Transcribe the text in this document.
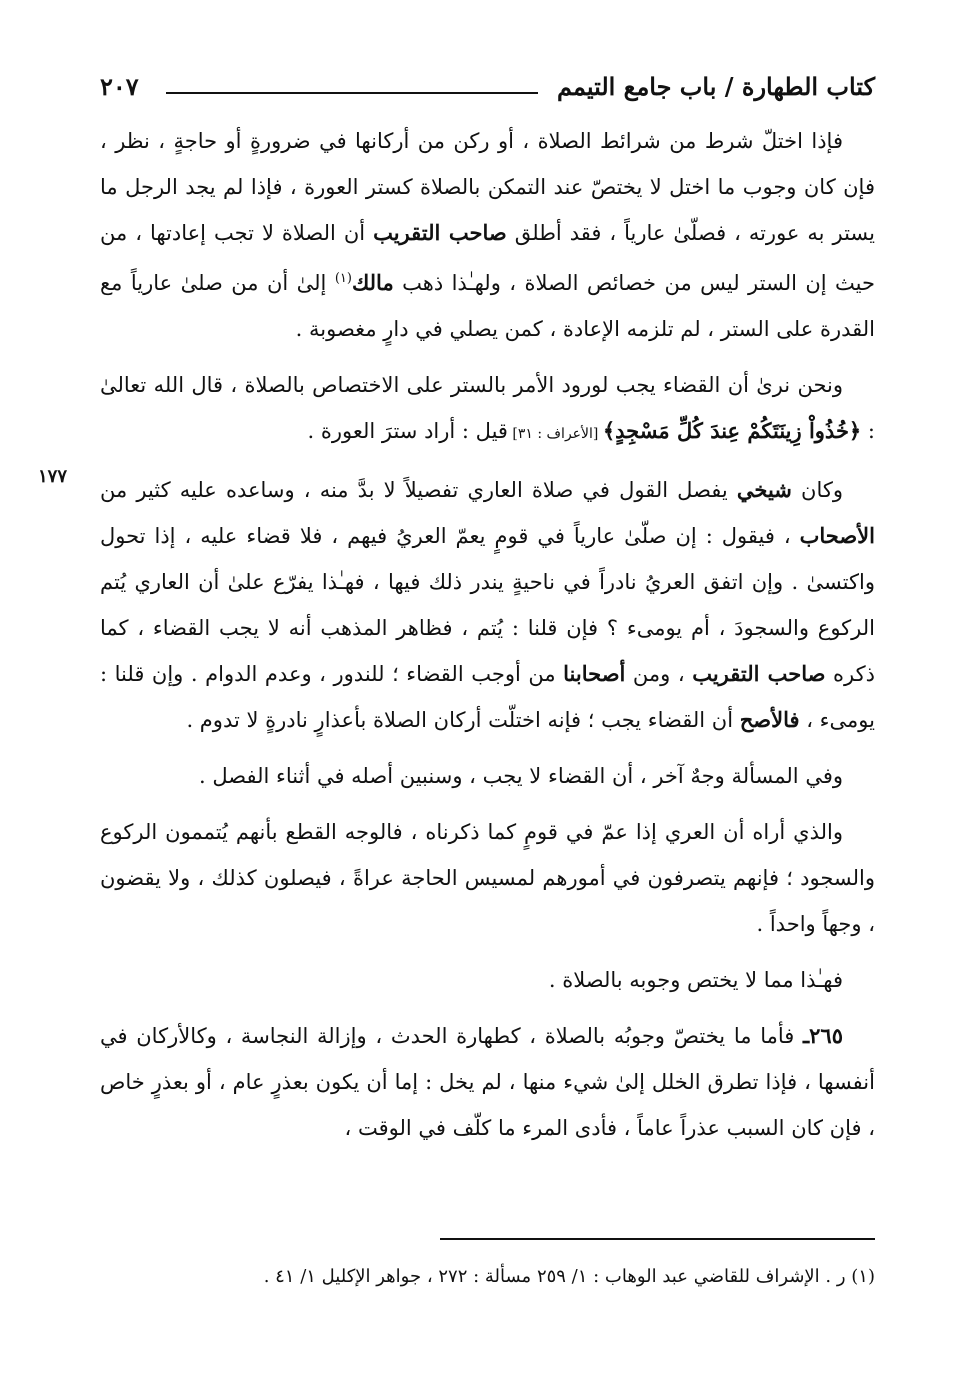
كتاب الطهارة / باب جامع التيمم
٢٠٧
١٧٧

فإذا اختلّ شرط من شرائط الصلاة ، أو ركن من أركانها في ضرورةٍ أو حاجةٍ ، نظر ، فإن كان وجوب ما اختل لا يختصّ عند التمكن بالصلاة كستر العورة ، فإذا لم يجد الرجل ما يستر به عورته ، فصلّىٰ عارياً ، فقد أطلق صاحب التقريب أن الصلاة لا تجب إعادتها ، من حيث إن الستر ليس من خصائص الصلاة ، ولهـٰذا ذهب مالك$^{(١)}$ إلىٰ أن من صلىٰ عارياً مع القدرة على الستر ، لم تلزمه الإعادة ، كمن يصلي في دارٍ مغصوبة .

ونحن نرىٰ أن القضاء يجب لورود الأمر بالستر على الاختصاص بالصلاة ، قال الله تعالىٰ : ﴿خُذُواْ زِينَتَكُمْ عِندَ كُلِّ مَسْجِدٍ﴾ [الأعراف : ٣١] قيل : أراد سترَ العورة .

وكان شيخي يفصل القول في صلاة العاري تفصيلاً لا بدَّ منه ، وساعده عليه كثير من الأصحاب ، فيقول : إن صلّىٰ عارياً في قومٍ يعمّ العريُ فيهم ، فلا قضاء عليه ، إذا تحول واكتسىٰ . وإن اتفق العريُ نادراً في ناحيةٍ يندر ذلك فيها ، فهـٰذا يفرّع علىٰ أن العاري يُتم الركوع والسجودَ ، أم يومىء ؟ فإن قلنا : يُتم ، فظاهر المذهب أنه لا يجب القضاء ، كما ذكره صاحب التقريب ، ومن أصحابنا من أوجب القضاء ؛ للندور ، وعدم الدوام . وإن قلنا : يومىء ، فالأصح أن القضاء يجب ؛ فإنه اختلّت أركان الصلاة بأعذارٍ نادرةٍ لا تدوم .

وفي المسألة وجهٌ آخر ، أن القضاء لا يجب ، وسنبين أصله في أثناء الفصل .

والذي أراه أن العري إذا عمّ في قومٍ كما ذكرناه ، فالوجه القطع بأنهم يُتممون الركوع والسجود ؛ فإنهم يتصرفون في أمورهم لمسيس الحاجة عراةً ، فيصلون كذلك ، ولا يقضون ، وجهاً واحداً .

فهـٰذا مما لا يختص وجوبه بالصلاة .

٢٦٥ـ فأما ما يختصّ وجوبُه بالصلاة ، كطهارة الحدث ، وإزالة النجاسة ، وكالأركان في أنفسها ، فإذا تطرق الخلل إلىٰ شيء منها ، لم يخل : إما أن يكون بعذرٍ عام ، أو بعذرٍ خاص ، فإن كان السبب عذراً عاماً ، فأدى المرء ما كلّف في الوقت ،

(١) ر . الإشراف للقاضي عبد الوهاب : ١/ ٢٥٩ مسألة : ٢٧٢ ، جواهر الإكليل ١/ ٤١ .
